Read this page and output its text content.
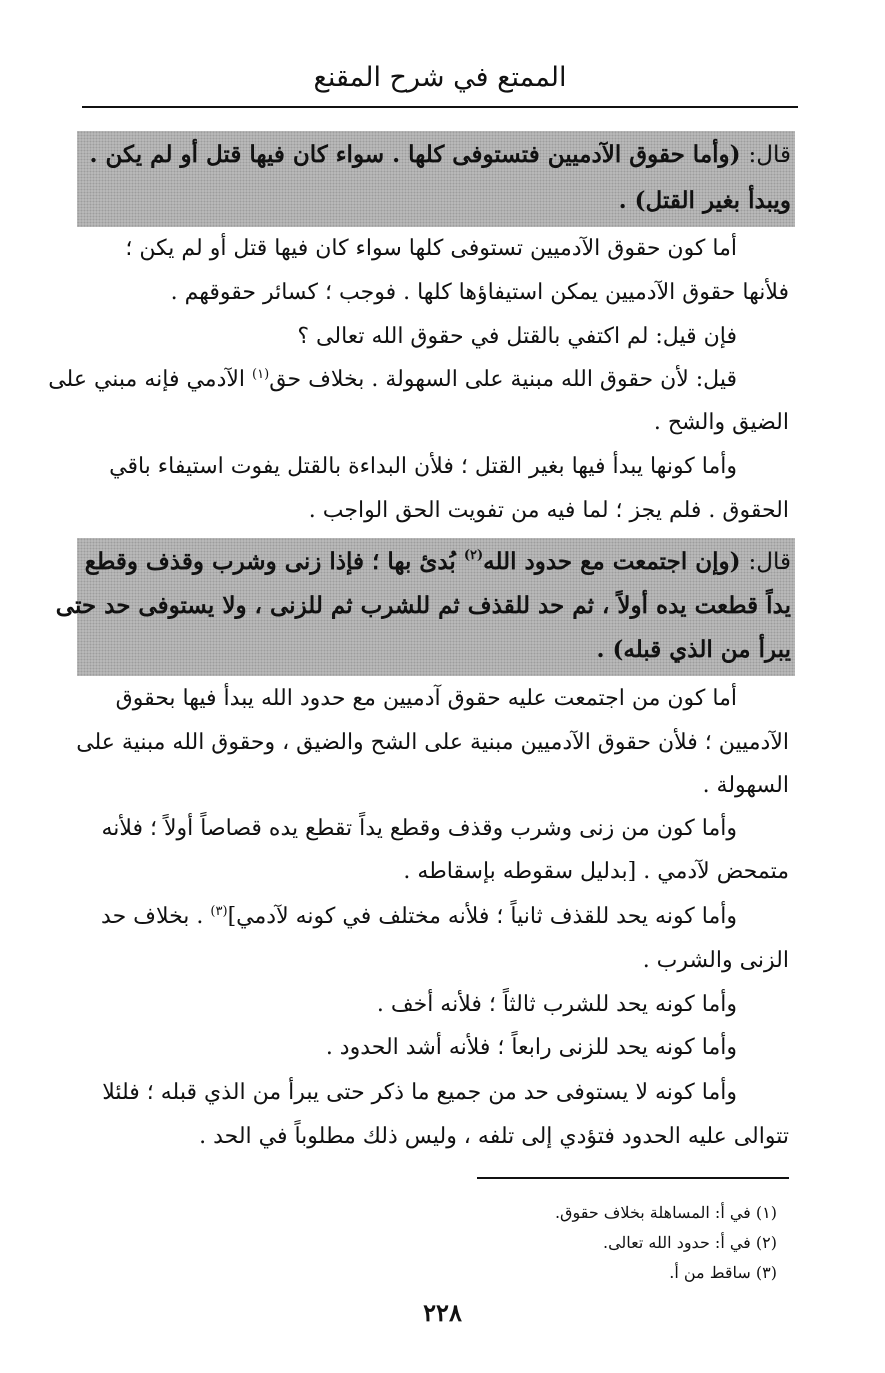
الممتع في شرح المقنع
قال: (وأما حقوق الآدميين فتستوفى كلها . سواء كان فيها قتل أو لم يكن .
ويبدأ بغير القتل) .
أما كون حقوق الآدميين تستوفى كلها سواء كان فيها قتل أو لم يكن ؛
فلأنها حقوق الآدميين يمكن استيفاؤها كلها . فوجب ؛ كسائر حقوقهم .
فإن قيل: لم اكتفي بالقتل في حقوق الله تعالى ؟
قيل: لأن حقوق الله مبنية على السهولة . بخلاف حق$^{(١)}$ الآدمي فإنه مبني على
الضيق والشح .
وأما كونها يبدأ فيها بغير القتل ؛ فلأن البداءة بالقتل يفوت استيفاء باقي
الحقوق . فلم يجز ؛ لما فيه من تفويت الحق الواجب .
قال: (وإن اجتمعت مع حدود الله$^{(٢)}$ بُدئ بها ؛ فإذا زنى وشرب وقذف وقطع
يداً قطعت يده أولاً ، ثم حد للقذف ثم للشرب ثم للزنى ، ولا يستوفى حد حتى
يبرأ من الذي قبله) .
أما كون من اجتمعت عليه حقوق آدميين مع حدود الله يبدأ فيها بحقوق
الآدميين ؛ فلأن حقوق الآدميين مبنية على الشح والضيق ، وحقوق الله مبنية على
السهولة .
وأما كون من زنى وشرب وقذف وقطع يداً تقطع يده قصاصاً أولاً ؛ فلأنه
متمحض لآدمي . [بدليل سقوطه بإسقاطه .
وأما كونه يحد للقذف ثانياً ؛ فلأنه مختلف في كونه لآدمي]$^{(٣)}$ . بخلاف حد
الزنى والشرب .
وأما كونه يحد للشرب ثالثاً ؛ فلأنه أخف .
وأما كونه يحد للزنى رابعاً ؛ فلأنه أشد الحدود .
وأما كونه لا يستوفى حد من جميع ما ذكر حتى يبرأ من الذي قبله ؛ فلئلا
تتوالى عليه الحدود فتؤدي إلى تلفه ، وليس ذلك مطلوباً في الحد .
(١) في أ: المساهلة بخلاف حقوق.
(٢) في أ: حدود الله تعالى.
(٣) ساقط من أ.
٢٢٨
